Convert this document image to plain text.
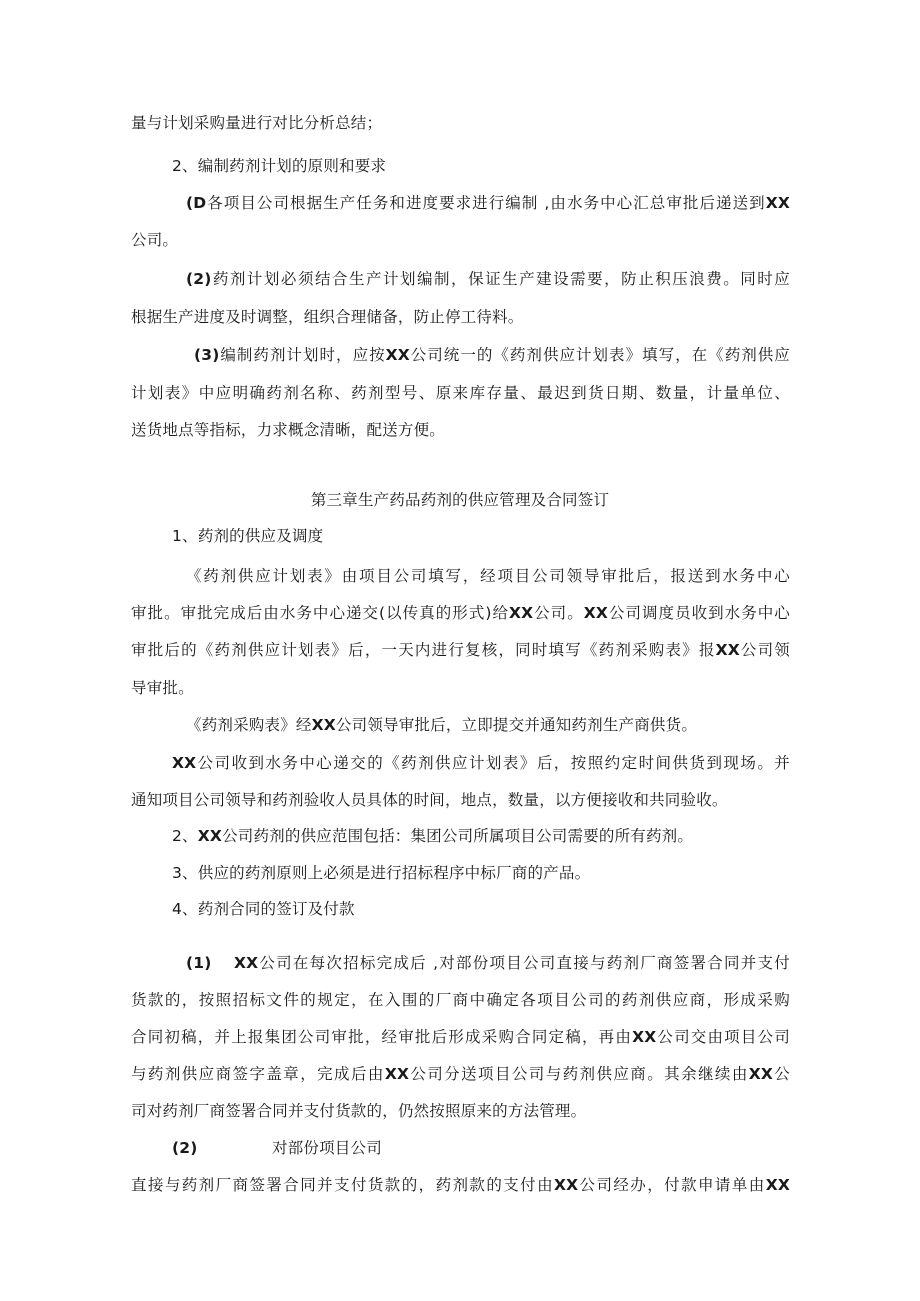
量与计划采购量进行对比分析总结；
2、编制药剂计划的原则和要求
(D各项目公司根据生产任务和进度要求进行编制 ,由水务中心汇总审批后递送到XX
公司。
(2)药剂计划必须结合生产计划编制，保证生产建设需要，防止积压浪费。同时应
根据生产进度及时调整，组织合理储备，防止停工待料。
(3)编制药剂计划时，应按XX公司统一的《药剂供应计划表》填写，在《药剂供应
计划表》中应明确药剂名称、药剂型号、原来库存量、最迟到货日期、数量，计量单位、
送货地点等指标，力求概念清晰，配送方便。
第三章生产药品药剂的供应管理及合同签订
1、药剂的供应及调度
《药剂供应计划表》由项目公司填写，经项目公司领导审批后，报送到水务中心
审批。审批完成后由水务中心递交(以传真的形式)给XX公司。XX公司调度员收到水务中心
审批后的《药剂供应计划表》后，一天内进行复核，同时填写《药剂采购表》报XX公司领
导审批。
《药剂采购表》经XX公司领导审批后，立即提交并通知药剂生产商供货。
XX公司收到水务中心递交的《药剂供应计划表》后，按照约定时间供货到现场。并
通知项目公司领导和药剂验收人员具体的时间，地点，数量，以方便接收和共同验收。
2、XX公司药剂的供应范围包括：集团公司所属项目公司需要的所有药剂。
3、供应的药剂原则上必须是进行招标程序中标厂商的产品。
4、药剂合同的签订及付款
(1) XX公司在每次招标完成后 ,对部份项目公司直接与药剂厂商签署合同并支付
货款的，按照招标文件的规定，在入围的厂商中确定各项目公司的药剂供应商，形成采购
合同初稿，并上报集团公司审批，经审批后形成采购合同定稿，再由XX公司交由项目公司
与药剂供应商签字盖章，完成后由XX公司分送项目公司与药剂供应商。其余继续由XX公
司对药剂厂商签署合同并支付货款的，仍然按照原来的方法管理。
(2)	对部份项目公司
直接与药剂厂商签署合同并支付货款的，药剂款的支付由XX公司经办，付款申请单由XX
